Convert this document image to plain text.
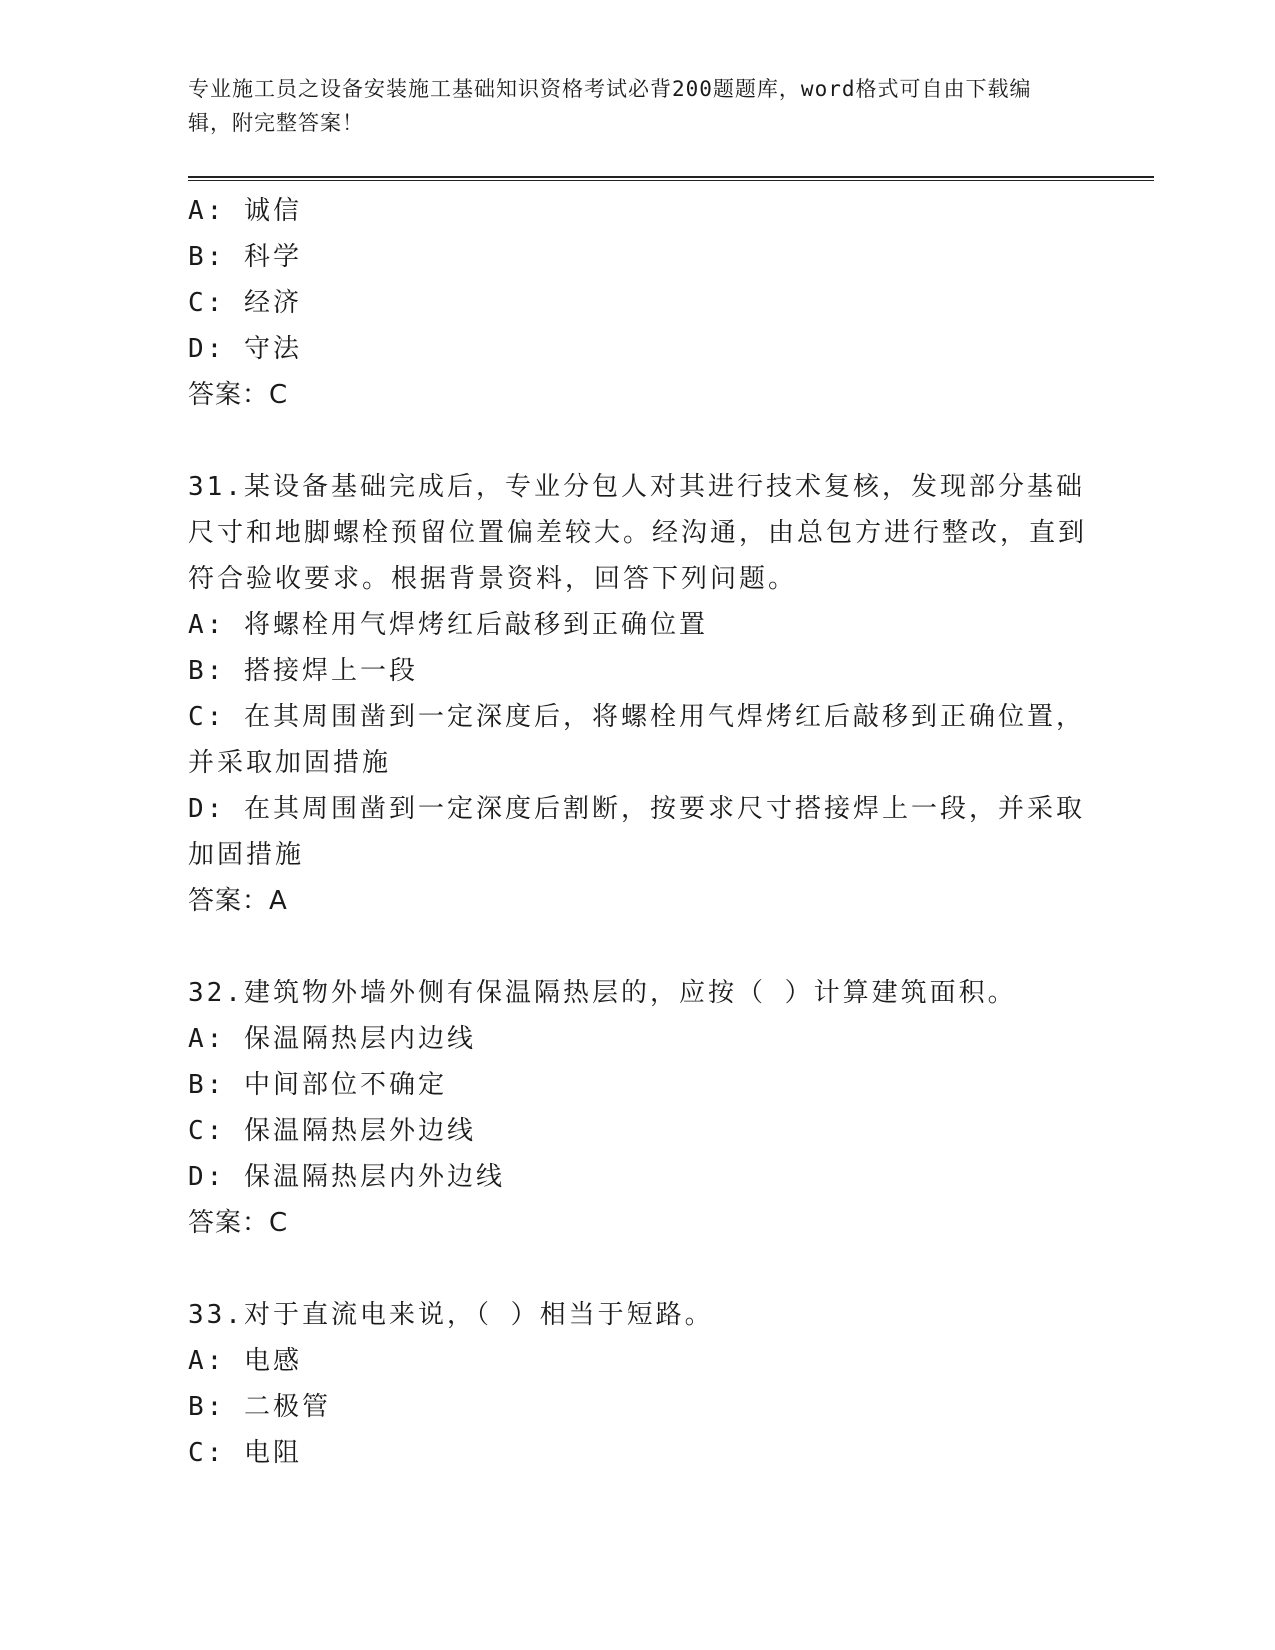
专业施工员之设备安装施工基础知识资格考试必背200题题库，word格式可自由下载编辑，附完整答案！
A: 诚信
B: 科学
C: 经济
D: 守法
答案：C
31.某设备基础完成后，专业分包人对其进行技术复核，发现部分基础尺寸和地脚螺栓预留位置偏差较大。经沟通，由总包方进行整改，直到符合验收要求。根据背景资料，回答下列问题。
A: 将螺栓用气焊烤红后敲移到正确位置
B: 搭接焊上一段
C: 在其周围凿到一定深度后，将螺栓用气焊烤红后敲移到正确位置，并采取加固措施
D: 在其周围凿到一定深度后割断，按要求尺寸搭接焊上一段，并采取加固措施
答案：A
32.建筑物外墙外侧有保温隔热层的，应按（ ）计算建筑面积。
A: 保温隔热层内边线
B: 中间部位不确定
C: 保温隔热层外边线
D: 保温隔热层内外边线
答案：C
33.对于直流电来说，（ ）相当于短路。
A: 电感
B: 二极管
C: 电阻
